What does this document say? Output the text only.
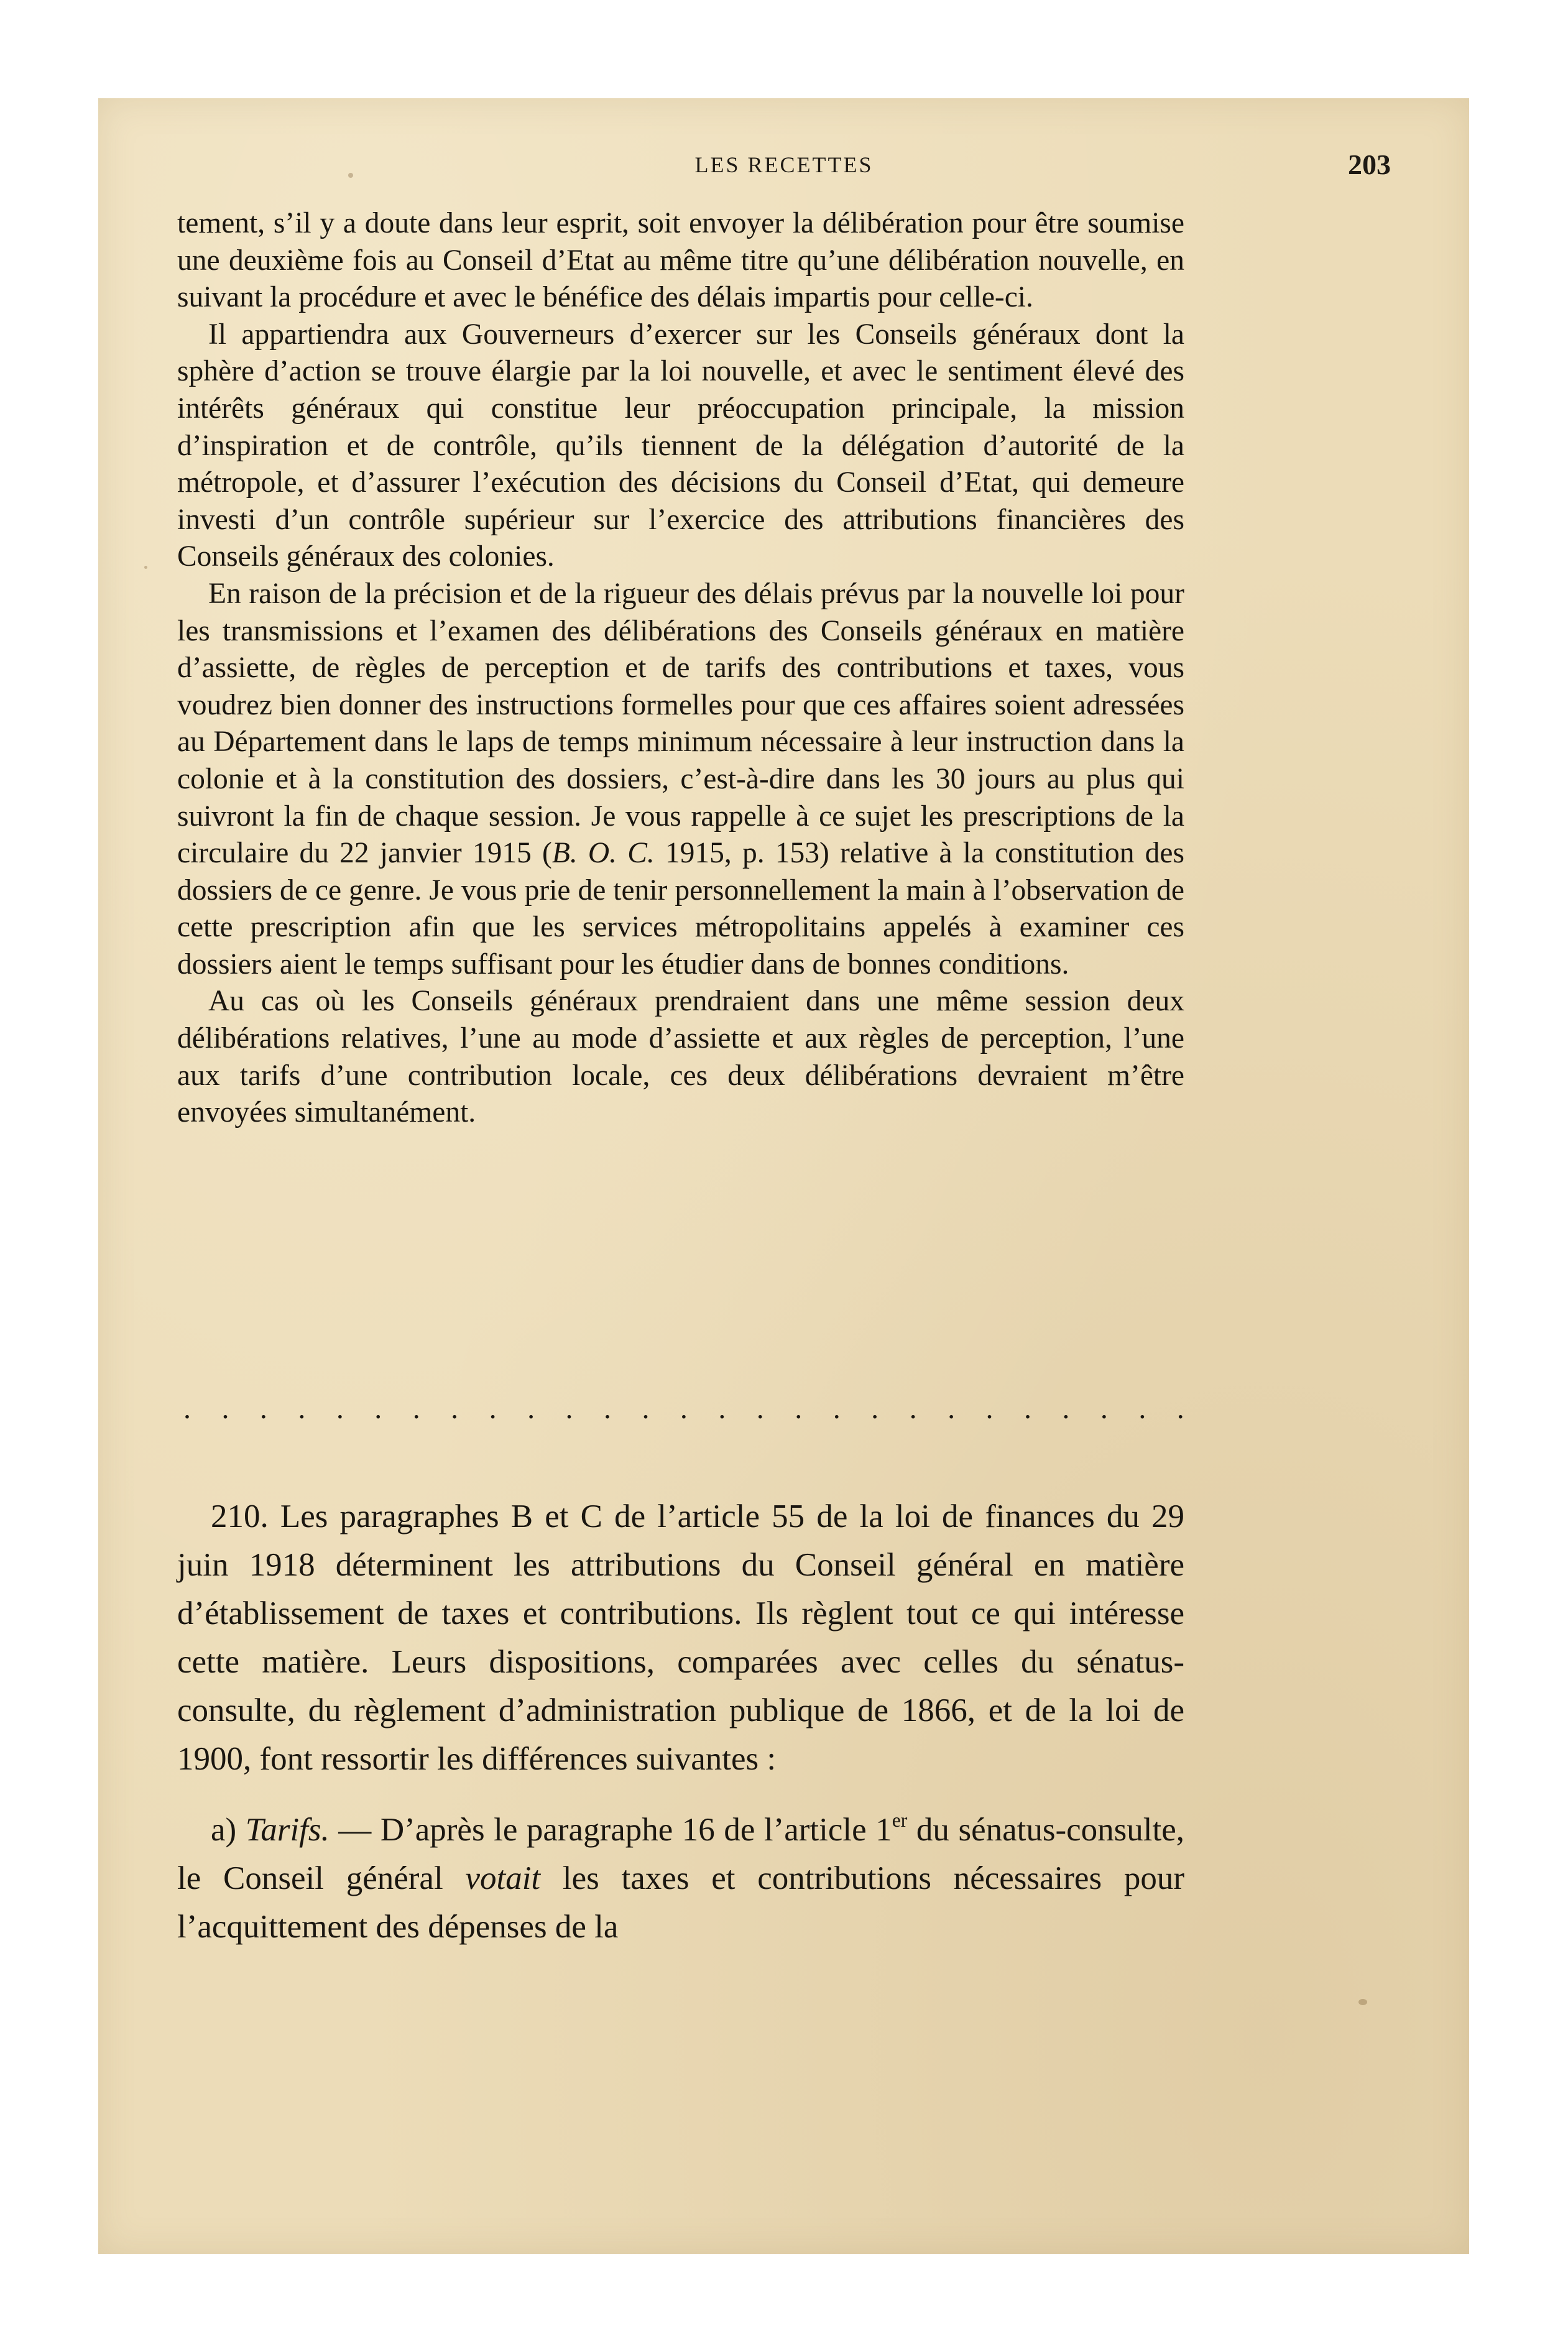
LES RECETTES	203

tement, s’il y a doute dans leur esprit, soit envoyer la délibération pour être soumise une deuxième fois au Conseil d’Etat au même titre qu’une délibération nouvelle, en suivant la procédure et avec le bénéfice des délais impartis pour celle-ci.

Il appartiendra aux Gouverneurs d’exercer sur les Conseils généraux dont la sphère d’action se trouve élargie par la loi nouvelle, et avec le sentiment élevé des intérêts généraux qui constitue leur préoccupation principale, la mission d’inspiration et de contrôle, qu’ils tiennent de la délégation d’autorité de la métropole, et d’assurer l’exécution des décisions du Conseil d’Etat, qui demeure investi d’un contrôle supérieur sur l’exercice des attributions financières des Conseils généraux des colonies.

En raison de la précision et de la rigueur des délais prévus par la nouvelle loi pour les transmissions et l’examen des délibérations des Conseils généraux en matière d’assiette, de règles de perception et de tarifs des contributions et taxes, vous voudrez bien donner des instructions formelles pour que ces affaires soient adressées au Département dans le laps de temps minimum nécessaire à leur instruction dans la colonie et à la constitution des dossiers, c’est-à-dire dans les 30 jours au plus qui suivront la fin de chaque session. Je vous rappelle à ce sujet les prescriptions de la circulaire du 22 janvier 1915 (B. O. C. 1915, p. 153) relative à la constitution des dossiers de ce genre. Je vous prie de tenir personnellement la main à l’observation de cette prescription afin que les services métropolitains appelés à examiner ces dossiers aient le temps suffisant pour les étudier dans de bonnes conditions.

Au cas où les Conseils généraux prendraient dans une même session deux délibérations relatives, l’une au mode d’assiette et aux règles de perception, l’une aux tarifs d’une contribution locale, ces deux délibérations devraient m’être envoyées simultanément.

. . . . . . . . . . . . . . . . . . . . . . . . . . .

210. Les paragraphes B et C de l’article 55 de la loi de finances du 29 juin 1918 déterminent les attributions du Conseil général en matière d’établissement de taxes et contributions. Ils règlent tout ce qui intéresse cette matière. Leurs dispositions, comparées avec celles du sénatus-consulte, du règlement d’administration publique de 1866, et de la loi de 1900, font ressortir les différences suivantes :

a) Tarifs. — D’après le paragraphe 16 de l’article 1er du sénatus-consulte, le Conseil général votait les taxes et contributions nécessaires pour l’acquittement des dépenses de la
